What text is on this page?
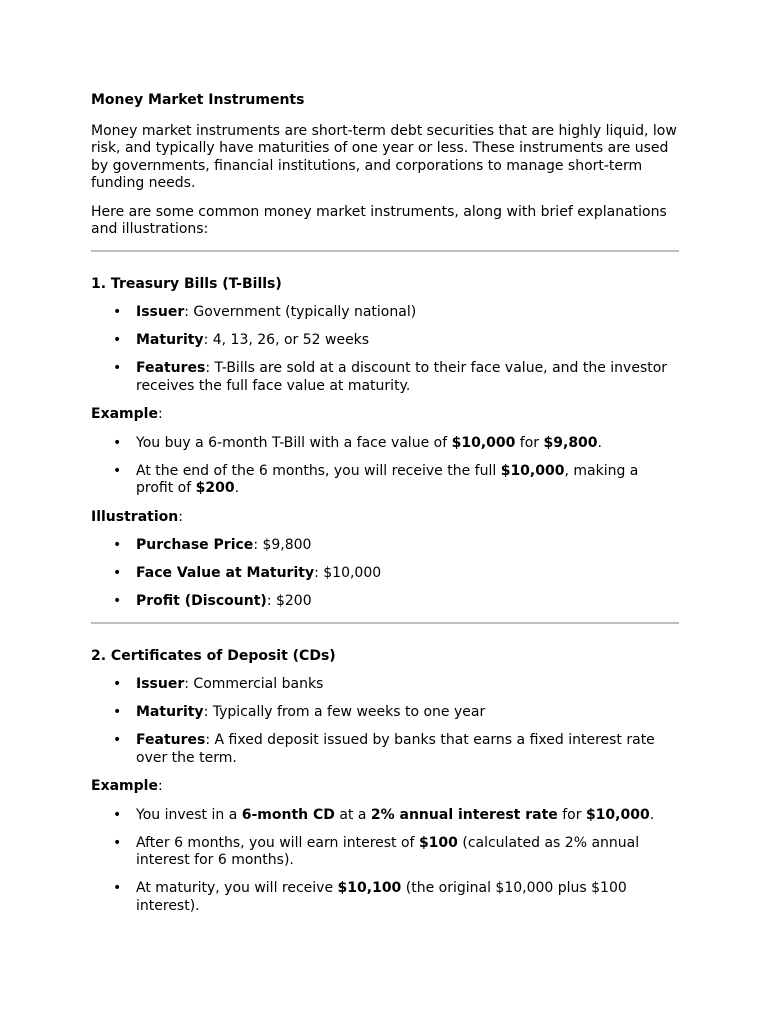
Money Market Instruments

Money market instruments are short-term debt securities that are highly liquid, low risk, and typically have maturities of one year or less. These instruments are used by governments, financial institutions, and corporations to manage short-term funding needs.

Here are some common money market instruments, along with brief explanations and illustrations:

1. Treasury Bills (T-Bills)
• Issuer: Government (typically national)
• Maturity: 4, 13, 26, or 52 weeks
• Features: T-Bills are sold at a discount to their face value, and the investor receives the full face value at maturity.
Example:
• You buy a 6-month T-Bill with a face value of $10,000 for $9,800.
• At the end of the 6 months, you will receive the full $10,000, making a profit of $200.
Illustration:
• Purchase Price: $9,800
• Face Value at Maturity: $10,000
• Profit (Discount): $200
2. Certificates of Deposit (CDs)
• Issuer: Commercial banks
• Maturity: Typically from a few weeks to one year
• Features: A fixed deposit issued by banks that earns a fixed interest rate over the term.
Example:
• You invest in a 6-month CD at a 2% annual interest rate for $10,000.
• After 6 months, you will earn interest of $100 (calculated as 2% annual interest for 6 months).
• At maturity, you will receive $10,100 (the original $10,000 plus $100 interest).
